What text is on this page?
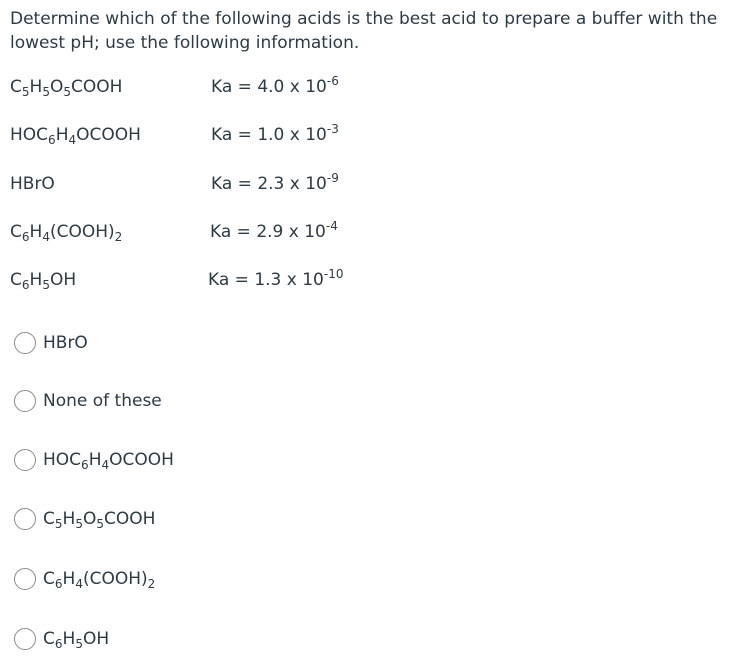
Determine which of the following acids is the best acid to prepare a buffer with the lowest pH; use the following information.
$C_5H_5O_5COOH$	Ka = 4.0 x $10^{-6}$
$HOC_6H_4OCOOH$	Ka = 1.0 x $10^{-3}$
HBrO	Ka = 2.3 x $10^{-9}$
$C_6H_4(COOH)_2$	Ka = 2.9 x $10^{-4}$
$C_6H_5OH$	Ka = 1.3 x $10^{-10}$
HBrO
None of these
$HOC_6H_4OCOOH$
$C_5H_5O_5COOH$
$C_6H_4(COOH)_2$
$C_6H_5OH$
